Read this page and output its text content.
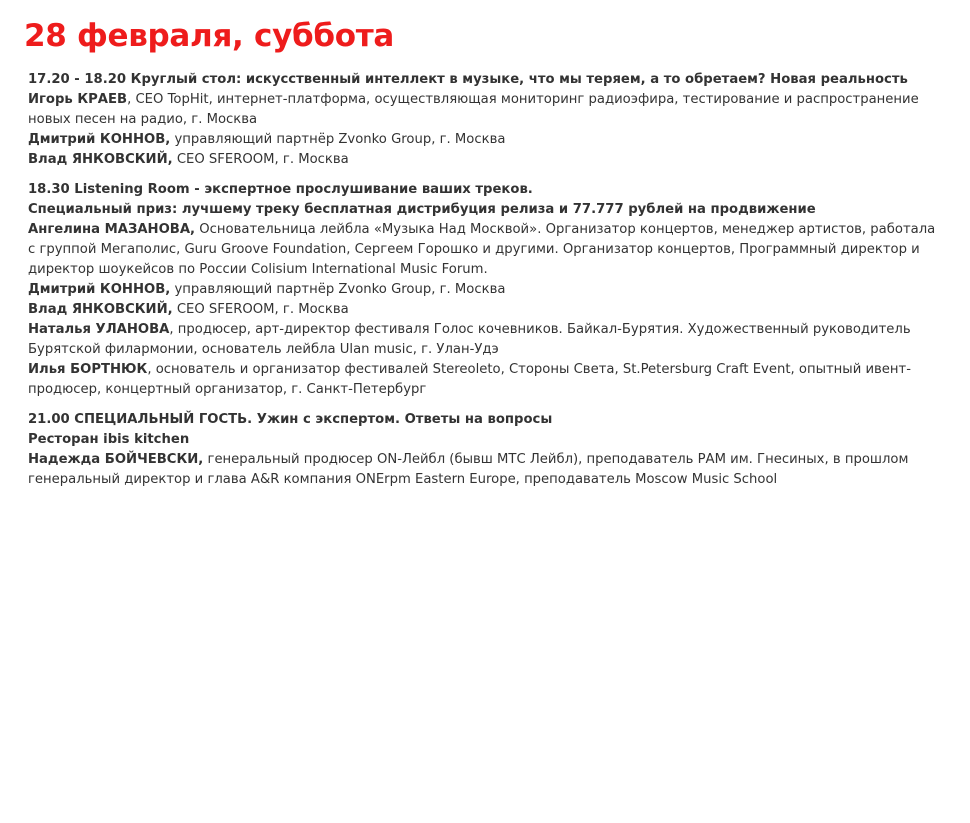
28 февраля, суббота
17.20 - 18.20 Круглый стол: искусственный интеллект в музыке, что мы теряем, а то обретаем? Новая реальность
Игорь КРАЕВ, CEO TopHit, интернет-платформа, осуществляющая мониторинг радиоэфира, тестирование и распространение новых песен на радио, г. Москва
Дмитрий КОННОВ, управляющий партнёр Zvonko Group, г. Москва
Влад ЯНКОВСКИЙ, CEO SFEROOM, г. Москва
18.30 Listening Room - экспертное прослушивание ваших треков.
Специальный приз: лучшему треку бесплатная дистрибуция релиза и 77.777 рублей на продвижение
Ангелина МАЗАНОВА, Основательница лейбла «Музыка Над Москвой». Организатор концертов, менеджер артистов, работала с группой Мегаполис, Guru Groove Foundation, Сергеем Горошко и другими. Организатор концертов, Программный директор и директор шоукейсов по России Colisium International Music Forum.
Дмитрий КОННОВ, управляющий партнёр Zvonko Group, г. Москва
Влад ЯНКОВСКИЙ, CEO SFEROOM, г. Москва
Наталья УЛАНОВА, продюсер, арт-директор фестиваля Голос кочевников. Байкал-Бурятия. Художественный руководитель Бурятской филармонии, основатель лейбла Ulan music, г. Улан-Удэ
Илья БОРТНЮК, основатель и организатор фестивалей Stereoleto, Стороны Света, St.Petersburg Craft Event, опытный ивент-продюсер, концертный организатор, г. Санкт-Петербург
21.00 СПЕЦИАЛЬНЫЙ ГОСТЬ. Ужин с экспертом. Ответы на вопросы
Ресторан ibis kitchen
Надежда БОЙЧЕВСКИ, генеральный продюсер ON-Лейбл (бывш МТС Лейбл), преподаватель РАМ им. Гнесиных, в прошлом генеральный директор и глава A&R компания ONErpm Eastern Europe, преподаватель Moscow Music School
